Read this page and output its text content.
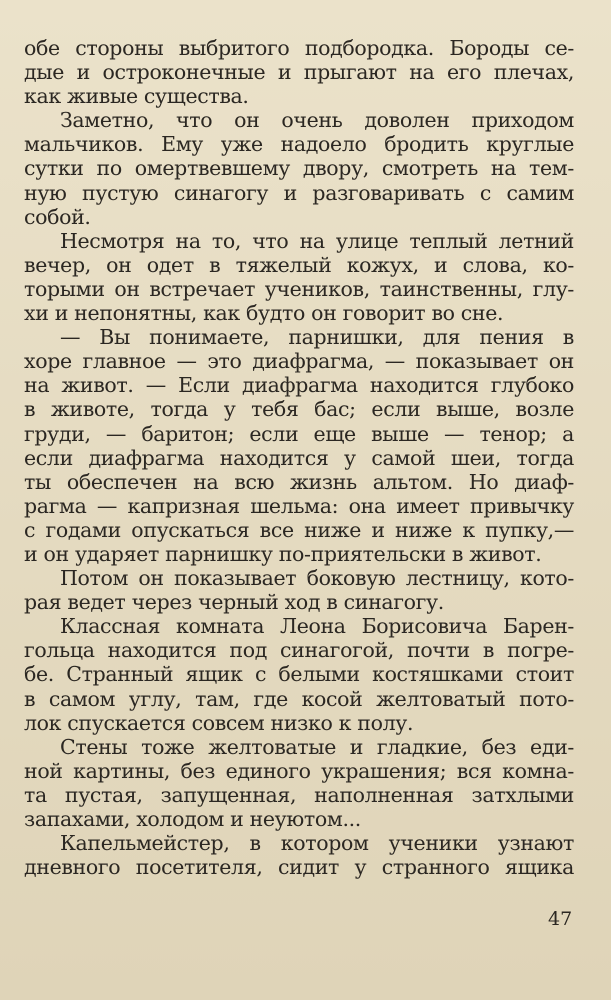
обе стороны выбритого подбородка. Бороды се-
дые и остроконечные и прыгают на его плечах,
как живые существа.

Заметно, что он очень доволен приходом
мальчиков. Ему уже надоело бродить круглые
сутки по омертвевшему двору, смотреть на тем-
ную пустую синагогу и разговаривать с самим
собой.

Несмотря на то, что на улице теплый летний
вечер, он одет в тяжелый кожух, и слова, ко-
торыми он встречает учеников, таинственны, глу-
хи и непонятны, как будто он говорит во сне.

— Вы понимаете, парнишки, для пения в
хоре главное — это диафрагма, — показывает он
на живот. — Если диафрагма находится глубоко
в животе, тогда у тебя бас; если выше, возле
груди, — баритон; если еще выше — тенор; а
если диафрагма находится у самой шеи, тогда
ты обеспечен на всю жизнь альтом. Но диаф-
рагма — капризная шельма: она имеет привычку
с годами опускаться все ниже и ниже к пупку,—
и он ударяет парнишку по-приятельски в живот.

Потом он показывает боковую лестницу, кото-
рая ведет через черный ход в синагогу.

Классная комната Леона Борисовича Барен-
гольца находится под синагогой, почти в погре-
бе. Странный ящик с белыми костяшками стоит
в самом углу, там, где косой желтоватый пото-
лок спускается совсем низко к полу.

Стены тоже желтоватые и гладкие, без еди-
ной картины, без единого украшения; вся комна-
та пустая, запущенная, наполненная затхлыми
запахами, холодом и неуютом...

Капельмейстер, в котором ученики узнают
дневного посетителя, сидит у странного ящика

47
